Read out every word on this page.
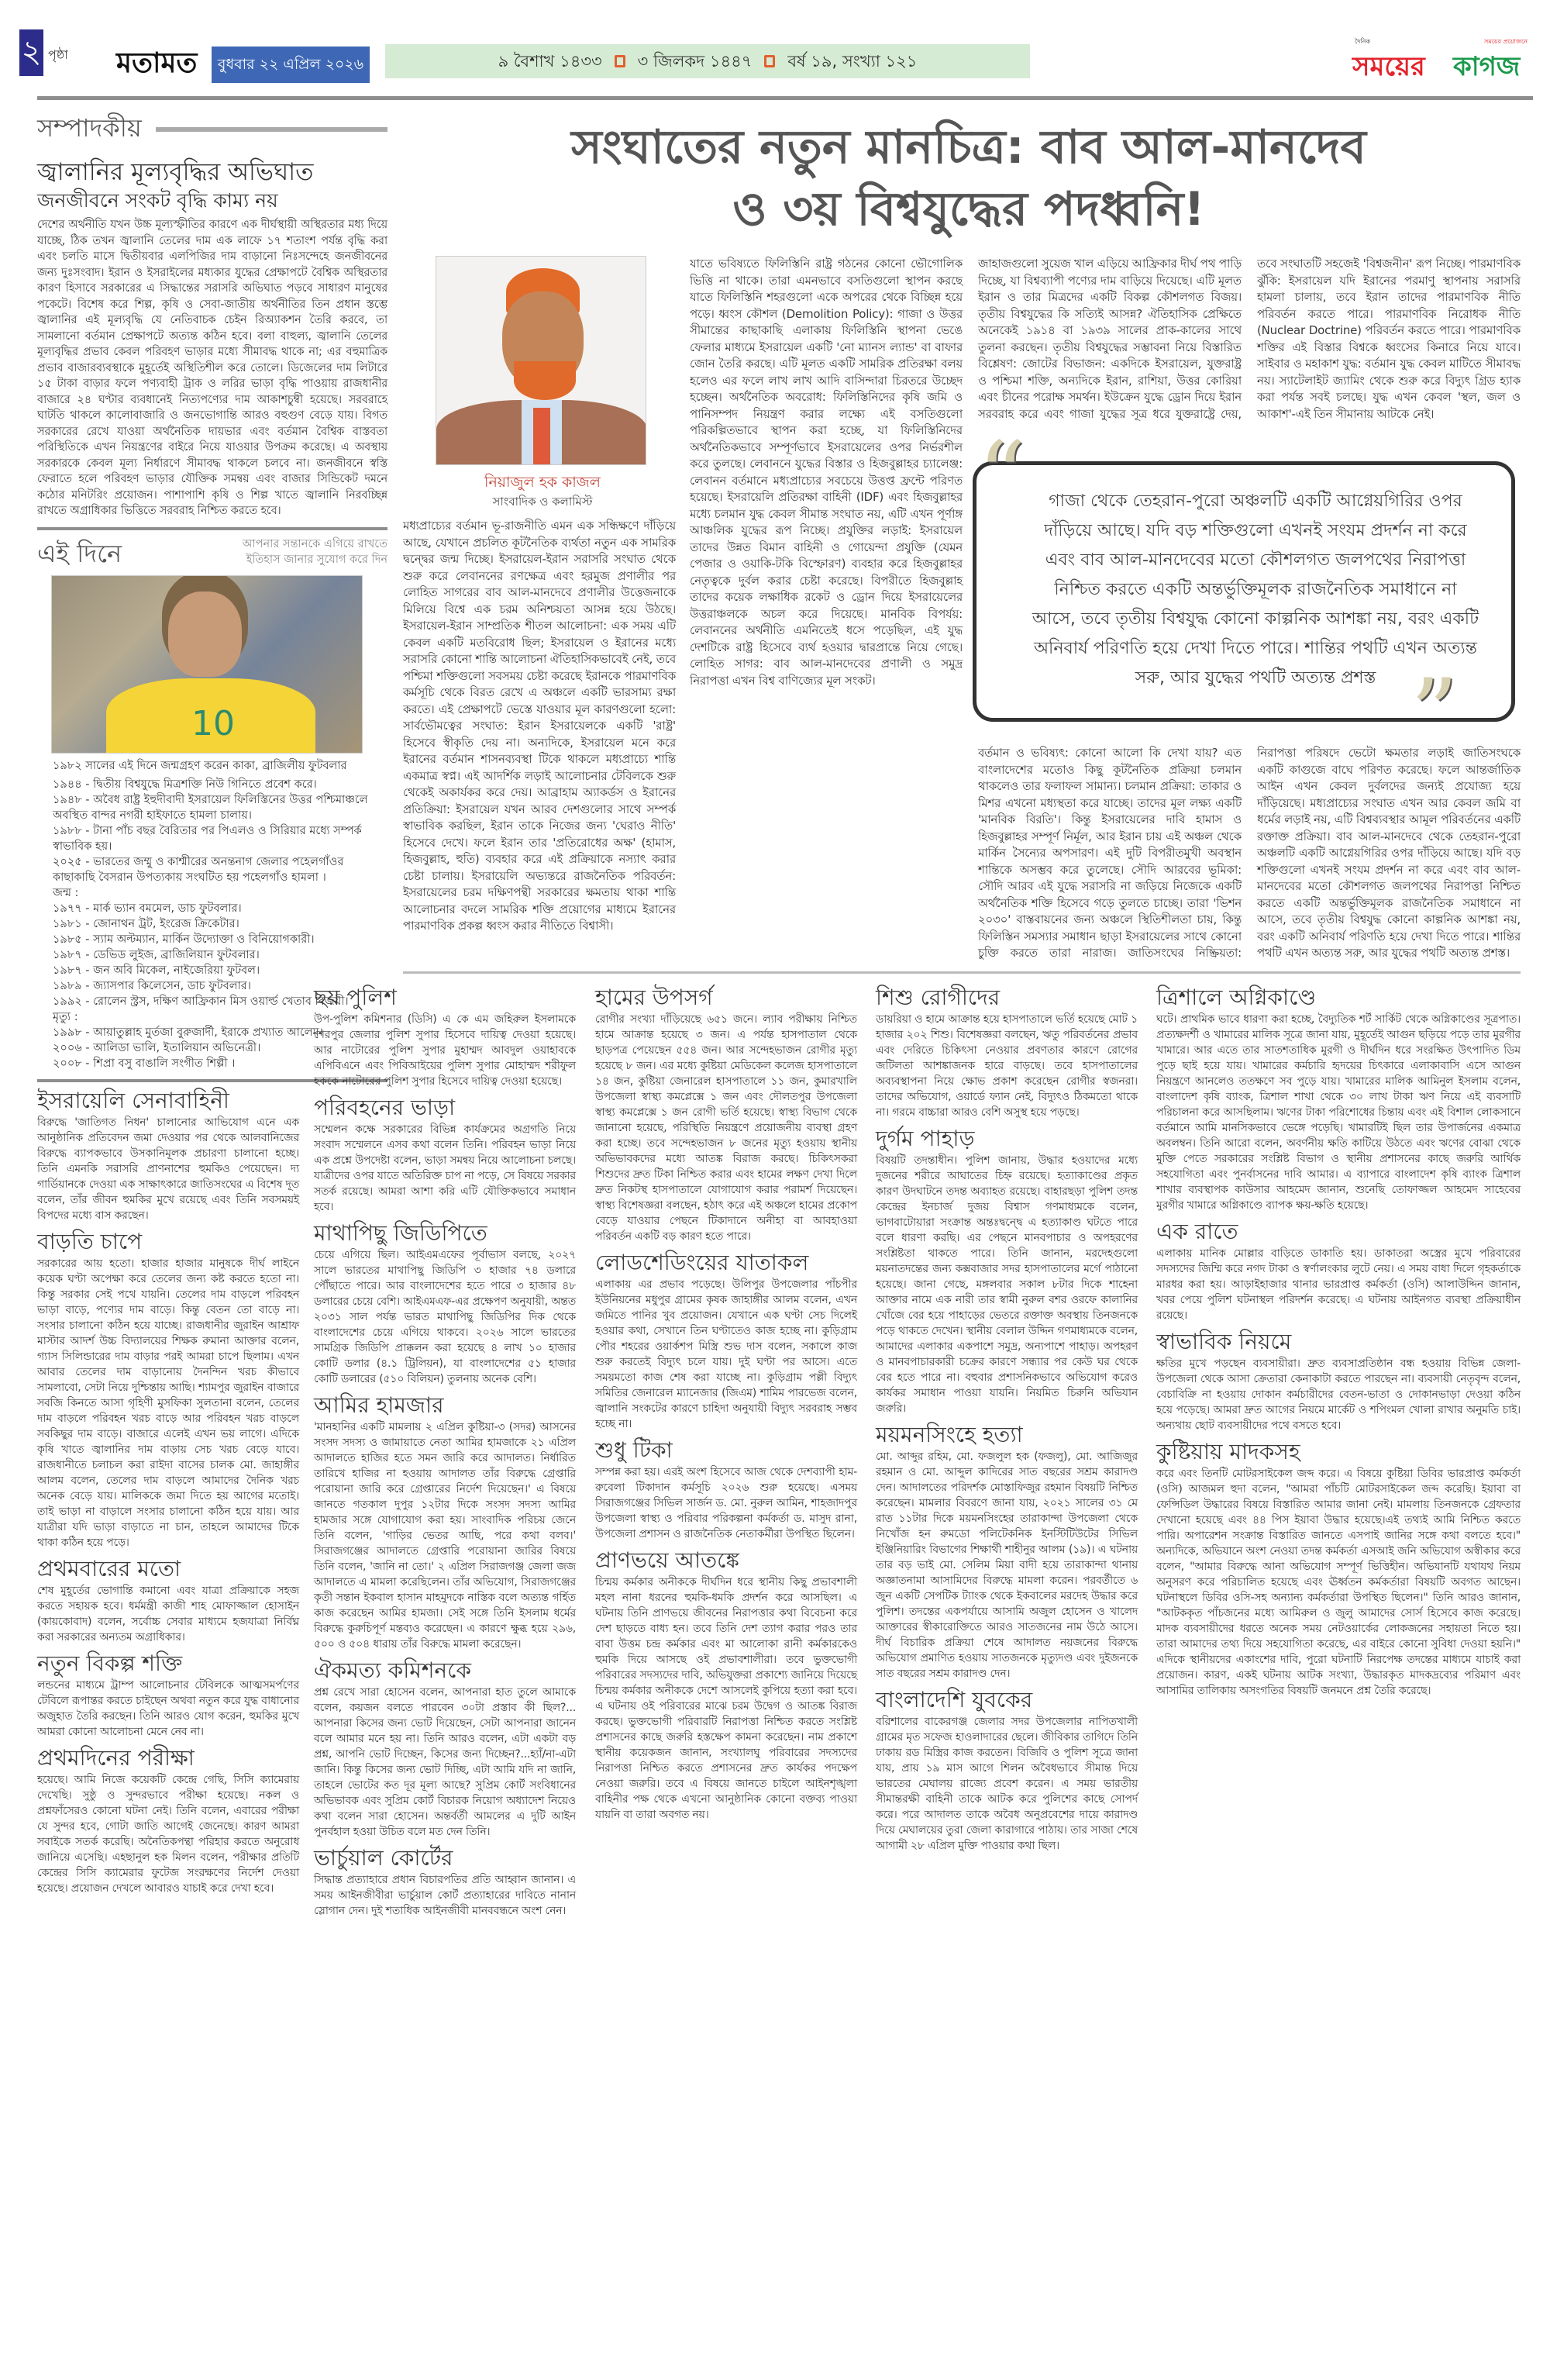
২ পৃষ্ঠা মতামত	বুধবার ২২ এপ্রিল ২০২৬	৯ বৈশাখ ১৪৩৩ ৩ জিলকদ ১৪৪৭ বর্ষ ১৯, সংখ্যা ১২১
দৈনিক	সময়ের প্রয়োজনে
সময়ের কাগজ
সম্পাদকীয়
জ্বালানির মূল্যবৃদ্ধির অভিঘাত
জনজীবনে সংকট বৃদ্ধি কাম্য নয়
দেশের অর্থনীতি যখন উচ্চ মূল্যস্ফীতির কারণে এক দীর্ঘস্থায়ী অস্থিরতার মধ্য দিয়ে যাচ্ছে, ঠিক তখন জ্বালানি তেলের দাম এক লাফে ১৭ শতাংশ পর্যন্ত বৃদ্ধি করা এবং চলতি মাসে দ্বিতীয়বার এলপিজির দাম বাড়ানো নিঃসন্দেহে জনজীবনের জন্য দুঃসংবাদ। ইরান ও ইসরাইলের মধ্যকার যুদ্ধের প্রেক্ষাপটে বৈশ্বিক অস্থিরতার কারণ হিসাবে সরকারের এ সিদ্ধান্তের সরাসরি অভিঘাত পড়বে সাধারণ মানুষের পকেটে। বিশেষ করে শিল্প, কৃষি ও সেবা-জাতীয় অর্থনীতির তিন প্রধান স্তম্ভে জ্বালানির এই মূল্যবৃদ্ধি যে নেতিবাচক চেইন রিঅ্যাকশন তৈরি করবে, তা সামলানো বর্তমান প্রেক্ষাপটে অত্যন্ত কঠিন হবে। বলা বাহুল্য, জ্বালানি তেলের মূল্যবৃদ্ধির প্রভাব কেবল পরিবহণ ভাড়ার মধ্যে সীমাবদ্ধ থাকে না; এর বহুমাত্রিক প্রভাব বাজারব্যবস্থাকে মুহূর্তেই অস্থিতিশীল করে তোলে। ডিজেলের দাম লিটারে ১৫ টাকা বাড়ার ফলে পণ্যবাহী ট্রাক ও লরির ভাড়া বৃদ্ধি পাওয়ায় রাজধানীর বাজারে ২৪ ঘণ্টার ব্যবধানেই নিত্যপণ্যের দাম আকাশচুম্বী হয়েছে। সরবরাহে ঘাটতি থাকলে কালোবাজারি ও জনভোগান্তি আরও বহুগুণ বেড়ে যায়। বিগত সরকারের রেখে যাওয়া অর্থনৈতিক দায়ভার এবং বর্তমান বৈশ্বিক বাস্তবতা পরিস্থিতিকে এখন নিয়ন্ত্রণের বাইরে নিয়ে যাওয়ার উপক্রম করেছে। এ অবস্থায় সরকারকে কেবল মূল্য নির্ধারণে সীমাবদ্ধ থাকলে চলবে না। জনজীবনে স্বস্তি ফেরাতে হলে পরিবহণ ভাড়ার যৌক্তিক সমন্বয় এবং বাজার সিন্ডিকেট দমনে কঠোর মনিটরিং প্রয়োজন। পাশাপাশি কৃষি ও শিল্প খাতে জ্বালানি নিরবচ্ছিন্ন রাখতে অগ্রাধিকার ভিত্তিতে সরবরাহ নিশ্চিত করতে হবে।
এই দিনে	আপনার সন্তানকে এগিয়ে রাখতে
ইতিহাস জানার সুযোগ করে দিন
10
১৯৮২ সালের এই দিনে জন্মগ্রহণ করেন কাকা, ব্রাজিলীয় ফুটবলার
১৯৪৪ - দ্বিতীয় বিশ্বযুদ্ধে মিত্রশক্তি নিউ গিনিতে প্রবেশ করে।
১৯৪৮ - অবৈধ রাষ্ট্র ইহুদীবাদী ইসরায়েল ফিলিস্তিনের উত্তর পশ্চিমাঞ্চলে অবস্থিত বান্দর নগরী হাইফাতে হামলা চালায়।
১৯৮৮ - টানা পাঁচ বছর বৈরিতার পর পিএলও ও সিরিয়ার মধ্যে সম্পর্ক স্বাভাবিক হয়।
২০২৫ - ভারতের জম্মু ও কাশ্মীরের অনন্তনাগ জেলার পহেলগাঁওর কাছাকাছি বৈসরান উপত্যকায় সংঘটিত হয় পহেলগাঁও হামলা ।
জন্ম :
১৯৭৭ - মার্ক ভ্যান বমমেল, ডাচ ফুটবলার।
১৯৮১ - জোনাথন ট্রট, ইংরেজ ক্রিকেটার।
১৯৮৫ - স্যাম অল্টম্যান, মার্কিন উদ্যোক্তা ও বিনিয়োগকারী।
১৯৮৭ - ডেভিড লুইজ, ব্রাজিলিয়ান ফুটবলার।
১৯৮৭ - জন অবি মিকেল, নাইজেরিয়া ফুটবল।
১৯৮৯ - জ্যাসপার কিলেসেন, ডাচ ফুটবলার।
১৯৯২ - রোলেন স্ট্রস, দক্ষিণ আফ্রিকান মিস ওয়ার্ল্ড খেতাব বিজয়ী।
মৃত্যু :
১৯৯৮ - আয়াতুল্লাহ মুর্তজা বুরুজার্দী, ইরাকে প্রখ্যাত আলেম।
২০০৬ - আলিডা ভালি, ইতালিয়ান অভিনেত্রী।
২০০৮ - শিপ্রা বসু বাঙালি সংগীত শিল্পী ।
ইসরায়েলি সেনাবাহিনী
বিরুদ্ধে 'জাতিগত নিধন' চালানোর আভিযোগ এনে এক আনুষ্ঠানিক প্রতিবেদন জমা দেওয়ার পর থেকে আলবানিজের বিরুদ্ধে ব্যাপকভাবে উসকানিমূলক প্রচারণা চালানো হচ্ছে। তিনি এমনকি সরাসরি প্রাণনাশের হুমকিও পেয়েছেন। দ্য গার্ডিয়ানকে দেওয়া এক সাক্ষাৎকারে জাতিসংঘের এ বিশেষ দূত বলেন, তাঁর জীবন হুমকির মুখে রয়েছে এবং তিনি সবসময়ই বিপদের মধ্যে বাস করছেন।
বাড়তি চাপে
সরকারের আয় হতো। হাজার হাজার মানুষকে দীর্ঘ লাইনে কয়েক ঘণ্টা অপেক্ষা করে তেলের জন্য কষ্ট করতে হতো না। কিন্তু সরকার সেই পথে যায়নি। তেলের দাম বাড়লে পরিবহন ভাড়া বাড়ে, পণ্যের দাম বাড়ে। কিন্তু বেতন তো বাড়ে না। সংসার চালানো কঠিন হয়ে যাচ্ছে। রাজধানীর জুরাইন আশ্রাফ মাস্টার আদর্শ উচ্চ বিদ্যালয়ের শিক্ষক রুমানা আক্তার বলেন, গ্যাস সিলিন্ডারের দাম বাড়ার পরই আমরা চাপে ছিলাম। এখন আবার তেলের দাম বাড়ানোয় দৈনন্দিন খরচ কীভাবে সামলাবো, সেটা নিয়ে দুশ্চিন্তায় আছি। শ্যামপুর জুরাইন বাজারে সবজি কিনতে আসা গৃহিণী মুসফিকা সুলতানা বলেন, তেলের দাম বাড়লে পরিবহন খরচ বাড়ে আর পরিবহন খরচ বাড়লে সবকিছুর দাম বাড়ে। বাজারে এলেই এখন ভয় লাগে। এদিকে কৃষি খাতে জ্বালানির দাম বাড়ায় সেচ খরচ বেড়ে যাবে। রাজধানীতে চলাচল করা রাইদা বাসের চালক মো. জাহাঙ্গীর আলম বলেন, তেলের দাম বাড়লে আমাদের দৈনিক খরচ অনেক বেড়ে যায়। মালিককে জমা দিতে হয় আগের মতোই। তাই ভাড়া না বাড়ালে সংসার চালানো কঠিন হয়ে যায়। আর যাত্রীরা যদি ভাড়া বাড়াতে না চান, তাহলে আমাদের টিকে থাকা কঠিন হয়ে পড়ে।
প্রথমবারের মতো
শেষ মুহূর্তের ভোগান্তি কমানো এবং যাত্রা প্রক্রিয়াকে সহজ করতে সহায়ক হবে। ধর্মমন্ত্রী কাজী শাহ মোফাজ্জাল হোসাইন (কায়কোবাদ) বলেন, সর্বোচ্চ সেবার মাধ্যমে হজযাত্রা নির্বিঘ্ন করা সরকারের অন্যতম অগ্রাধিকার।
নতুন বিকল্প শক্তি
লন্ডনের মাধ্যমে ট্রাম্প আলোচনার টেবিলকে আত্মসমর্পণের টেবিলে রূপান্তর করতে চাইছেন অথবা নতুন করে যুদ্ধ বাধানোর অজুহাত তৈরি করছেন। তিনি আরও যোগ করেন, হুমকির মুখে আমরা কোনো আলোচনা মেনে নেব না।
প্রথমদিনের পরীক্ষা
হয়েছে। আমি নিজে কয়েকটি কেন্দ্রে গেছি, সিসি ক্যামেরায় দেখেছি। সুষ্ঠু ও সুন্দরভাবে পরীক্ষা হয়েছে। নকল ও প্রশ্নফাঁসেরও কোনো ঘটনা নেই। তিনি বলেন, এবারের পরীক্ষা যে সুন্দর হবে, গোটা জাতি আগেই জেনেছে। কারণ আমরা সবাইকে সতর্ক করেছি। অনৈতিকপন্থা পরিহার করতে অনুরোধ জানিয়ে এসেছি। এহছানুল হক মিলন বলেন, পরীক্ষার প্রতিটি কেন্দ্রের সিসি ক্যামেরার ফুটেজ সংরক্ষণের নির্দেশ দেওয়া হয়েছে। প্রয়োজন দেখলে আবারও যাচাই করে দেখা হবে।
সংঘাতের নতুন মানচিত্র: বাব আল-মানদেব
ও ৩য় বিশ্বযুদ্ধের পদধ্বনি!
নিয়াজুল হক কাজল
সাংবাদিক ও কলামিস্ট
মধ্যপ্রাচ্যের বর্তমান ভূ-রাজনীতি এমন এক সন্ধিক্ষণে দাঁড়িয়ে আছে, যেখানে প্রচলিত কূটনৈতিক ব্যর্থতা নতুন এক সামরিক দ্বন্দ্বের জন্ম দিচ্ছে। ইসরায়েল-ইরান সরাসরি সংঘাত থেকে শুরু করে লেবাননের রণক্ষেত্র এবং হরমুজ প্রণালীর পর লোহিত সাগরের বাব আল-মানদেবে প্রণালীর উত্তেজনাকে মিলিয়ে বিশ্বে এক চরম অনিশ্চয়তা আসন্ন হয়ে উঠছে। ইসরায়েল-ইরান সাম্প্রতিক শীতল আলোচনা: এক সময় এটি কেবল একটি মতবিরোধ ছিল; ইসরায়েল ও ইরানের মধ্যে সরাসরি কোনো শান্তি আলোচনা ঐতিহাসিকভাবেই নেই, তবে পশ্চিমা শক্তিগুলো সবসময় চেষ্টা করেছে ইরানকে পারমাণবিক কর্মসূচি থেকে বিরত রেখে এ অঞ্চলে একটি ভারসাম্য রক্ষা করতে। এই প্রেক্ষাপটে ভেস্তে যাওয়ার মূল কারণগুলো হলো: সার্বভৌমত্বের সংঘাত: ইরান ইসরায়েলকে একটি 'রাষ্ট্র' হিসেবে স্বীকৃতি দেয় না। অন্যদিকে, ইসরায়েল মনে করে ইরানের বর্তমান শাসনব্যবস্থা টিকে থাকলে মধ্যপ্রাচ্যে শান্তি একমাত্র স্বপ্ন। এই আদর্শিক লড়াই আলোচনার টেবিলকে শুরু থেকেই অকার্যকর করে দেয়। আব্রাহাম অ্যাকর্ডস ও ইরানের প্রতিক্রিয়া: ইসরায়েল যখন আরব দেশগুলোর সাথে সম্পর্ক স্বাভাবিক করছিল, ইরান তাকে নিজের জন্য 'ঘেরাও নীতি' হিসেবে দেখে। ফলে ইরান তার 'প্রতিরোধের অক্ষ' (হামাস, হিজবুল্লাহ, হুতি) ব্যবহার করে এই প্রক্রিয়াকে নস্যাৎ করার চেষ্টা চালায়। ইসরায়েলি অভ্যন্তরে রাজনৈতিক পরিবর্তন: ইসরায়েলের চরম দক্ষিণপন্থী সরকারের ক্ষমতায় থাকা শান্তি আলোচনার বদলে সামরিক শক্তি প্রয়োগের মাধ্যমে ইরানের পারমাণবিক প্রকল্প ধ্বংস করার নীতিতে বিশ্বাসী।
যাতে ভবিষ্যতে ফিলিস্তিনি রাষ্ট্র গঠনের কোনো ভৌগোলিক ভিত্তি না থাকে। তারা এমনভাবে বসতিগুলো স্থাপন করছে যাতে ফিলিস্তিনি শহরগুলো একে অপরের থেকে বিচ্ছিন্ন হয়ে পড়ে। ধ্বংস কৌশল (Demolition Policy): গাজা ও উত্তর সীমান্তের কাছাকাছি এলাকায় ফিলিস্তিনি স্থাপনা ভেঙে ফেলার মাধ্যমে ইসরায়েল একটি 'নো ম্যানস ল্যান্ড' বা বাফার জোন তৈরি করছে। এটি মূলত একটি সামরিক প্রতিরক্ষা বলয় হলেও এর ফলে লাখ লাখ আদি বাসিন্দারা চিরতরে উচ্ছেদ হচ্ছেন। অর্থনৈতিক অবরোধ: ফিলিস্তিনিদের কৃষি জমি ও পানিসম্পদ নিয়ন্ত্রণ করার লক্ষ্যে এই বসতিগুলো পরিকল্পিতভাবে স্থাপন করা হচ্ছে, যা ফিলিস্তিনিদের অর্থনৈতিকভাবে সম্পূর্ণভাবে ইসরায়েলের ওপর নির্ভরশীল করে তুলছে। লেবাননে যুদ্ধের বিস্তার ও হিজবুল্লাহর চ্যালেঞ্জ: লেবানন বর্তমানে মধ্যপ্রাচ্যের সবচেয়ে উত্তপ্ত ফ্রন্টে পরিণত হয়েছে। ইসরায়েলি প্রতিরক্ষা বাহিনী (IDF) এবং হিজবুল্লাহর মধ্যে চলমান যুদ্ধ কেবল সীমান্ত সংঘাত নয়, এটি এখন পূর্ণাঙ্গ আঞ্চলিক যুদ্ধের রূপ নিচ্ছে। প্রযুক্তির লড়াই: ইসরায়েল তাদের উন্নত বিমান বাহিনী ও গোয়েন্দা প্রযুক্তি (যেমন পেজার ও ওয়াকি-টকি বিস্ফোরণ) ব্যবহার করে হিজবুল্লাহর নেতৃত্বকে দুর্বল করার চেষ্টা করেছে। বিপরীতে হিজবুল্লাহ তাদের কয়েক লক্ষাধিক রকেট ও ড্রোন দিয়ে ইসরায়েলের উত্তরাঞ্চলকে অচল করে দিয়েছে। মানবিক বিপর্যয়: লেবাননের অর্থনীতি এমনিতেই ধসে পড়েছিল, এই যুদ্ধ দেশটিকে রাষ্ট্র হিসেবে ব্যর্থ হওয়ার দ্বারপ্রান্তে নিয়ে গেছে। লোহিত সাগর: বাব আল-মানদেবের প্রণালী ও সমুদ্র নিরাপত্তা এখন বিশ্ব বাণিজ্যের মূল সংকট।
জাহাজগুলো সুয়েজ খাল এড়িয়ে আফ্রিকার দীর্ঘ পথ পাড়ি দিচ্ছে, যা বিশ্বব্যাপী পণ্যের দাম বাড়িয়ে দিয়েছে। এটি মূলত ইরান ও তার মিত্রদের একটি বিকল্প কৌশলগত বিজয়। তৃতীয় বিশ্বযুদ্ধের কি সত্যিই আসন্ন? ঐতিহাসিক প্রেক্ষিতে অনেকেই ১৯১৪ বা ১৯৩৯ সালের প্রাক-কালের সাথে তুলনা করছেন। তৃতীয় বিশ্বযুদ্ধের সম্ভাবনা নিয়ে বিস্তারিত বিশ্লেষণ: জোটের বিভাজন: একদিকে ইসরায়েল, যুক্তরাষ্ট্র ও পশ্চিমা শক্তি, অন্যদিকে ইরান, রাশিয়া, উত্তর কোরিয়া এবং চীনের পরোক্ষ সমর্থন। ইউক্রেন যুদ্ধে ড্রোন দিয়ে ইরান সরবরাহ করে এবং গাজা যুদ্ধের সূত্র ধরে যুক্তরাষ্ট্রে দেয়, তবে সংঘাতটি সহজেই 'বিশ্বজনীন' রূপ নিচ্ছে। পারমাণবিক ঝুঁকি: ইসরায়েল যদি ইরানের পরমাণু স্থাপনায় সরাসরি হামলা চালায়, তবে ইরান তাদের পারমাণবিক নীতি পরিবর্তন করতে পারে। পারমাণবিক নিরোধক নীতি (Nuclear Doctrine) পরিবর্তন করতে পারে। পারমাণবিক শক্তির এই বিস্তার বিশ্বকে ধ্বংসের কিনারে নিয়ে যাবে। সাইবার ও মহাকাশ যুদ্ধ: বর্তমান যুদ্ধ কেবল মাটিতে সীমাবদ্ধ নয়। স্যাটেলাইট জ্যামিং থেকে শুরু করে বিদ্যুৎ গ্রিড হ্যাক করা পর্যন্ত সবই চলছে। যুদ্ধ এখন কেবল 'স্থল, জল ও আকাশ'-এই তিন সীমানায় আটকে নেই।
গাজা থেকে তেহরান-পুরো অঞ্চলটি একটি আগ্নেয়গিরির ওপর দাঁড়িয়ে আছে। যদি বড় শক্তিগুলো এখনই সংযম প্রদর্শন না করে এবং বাব আল-মানদেবের মতো কৌশলগত জলপথের নিরাপত্তা নিশ্চিত করতে একটি অন্তর্ভুক্তিমূলক রাজনৈতিক সমাধানে না আসে, তবে তৃতীয় বিশ্বযুদ্ধ কোনো কাল্পনিক আশঙ্কা নয়, বরং একটি অনিবার্য পরিণতি হয়ে দেখা দিতে পারে। শান্তির পথটি এখন অত্যন্ত সরু, আর যুদ্ধের পথটি অত্যন্ত প্রশস্ত
“
”
বর্তমান ও ভবিষ্যৎ: কোনো আলো কি দেখা যায়? এত বাংলাদেশের মতোও কিছু কূটনৈতিক প্রক্রিয়া চলমান থাকলেও তার ফলাফল সামান্য। চলমান প্রক্রিয়া: তাকার ও মিশর এখনো মধ্যস্থতা করে যাচ্ছে। তাদের মূল লক্ষ্য একটি 'মানবিক বিরতি'। কিন্তু ইসরায়েলের দাবি হামাস ও হিজবুল্লাহর সম্পূর্ণ নির্মূল, আর ইরান চায় এই অঞ্চল থেকে মার্কিন সৈন্যের অপসারণ। এই দুটি বিপরীতমুখী অবস্থান শান্তিকে অসম্ভব করে তুলেছে। সৌদি আরবের ভূমিকা: সৌদি আরব এই যুদ্ধে সরাসরি না জড়িয়ে নিজেকে একটি অর্থনৈতিক শক্তি হিসেবে গড়ে তুলতে চাচ্ছে। তারা 'ভিশন ২০৩০' বাস্তবায়নের জন্য অঞ্চলে স্থিতিশীলতা চায়, কিন্তু ফিলিস্তিন সমস্যার সমাধান ছাড়া ইসরায়েলের সাথে কোনো চুক্তি করতে তারা নারাজ। জাতিসংঘের নিষ্ক্রিয়তা: নিরাপত্তা পরিষদে ভেটো ক্ষমতার লড়াই জাতিসংঘকে একটি কাগুজে বাঘে পরিণত করেছে। ফলে আন্তর্জাতিক আইন এখন কেবল দুর্বলদের জন্যই প্রযোজ্য হয়ে দাঁড়িয়েছে। মধ্যপ্রাচ্যের সংঘাত এখন আর কেবল জমি বা ধর্মের লড়াই নয়, এটি বিশ্বব্যবস্থার আমূল পরিবর্তনের একটি রক্তাক্ত প্রক্রিয়া। বাব আল-মানদেবে থেকে তেহরান-পুরো অঞ্চলটি একটি আগ্নেয়গিরির ওপর দাঁড়িয়ে আছে। যদি বড় শক্তিগুলো এখনই সংযম প্রদর্শন না করে এবং বাব আল-মানদেবের মতো কৌশলগত জলপথের নিরাপত্তা নিশ্চিত করতে একটি অন্তর্ভুক্তিমূলক রাজনৈতিক সমাধানে না আসে, তবে তৃতীয় বিশ্বযুদ্ধ কোনো কাল্পনিক আশঙ্কা নয়, বরং একটি অনিবার্য পরিণতি হয়ে দেখা দিতে পারে। শান্তির পথটি এখন অত্যন্ত সরু, আর যুদ্ধের পথটি অত্যন্ত প্রশস্ত।
ছয় পুলিশ
উপ-পুলিশ কমিশনার (ডিসি) এ কে এম জহিরুল ইসলামকে শেরপুর জেলার পুলিশ সুপার হিসেবে দায়িত্ব দেওয়া হয়েছে। আর নাটোরের পুলিশ সুপার মুহাম্মদ আবদুল ওয়াহাবকে এপিবিএনে এবং পিবিআইয়ের পুলিশ সুপার মোহাম্মদ শরীফুল হককে নাটোরের পুলিশ সুপার হিসেবে দায়িত্ব দেওয়া হয়েছে।
পরিবহনের ভাড়া
সম্মেলন কক্ষে সরকারের বিভিন্ন কার্যক্রমের অগ্রগতি নিয়ে সংবাদ সম্মেলনে এসব কথা বলেন তিনি। পরিবহন ভাড়া নিয়ে এক প্রশ্নে উপদেষ্টা বলেন, ভাড়া সমন্বয় নিয়ে আলোচনা চলছে। যাত্রীদের ওপর যাতে অতিরিক্ত চাপ না পড়ে, সে বিষয়ে সরকার সতর্ক রয়েছে। আমরা আশা করি এটি যৌক্তিকভাবে সমাধান হবে।
মাথাপিছু জিডিপিতে
চেয়ে এগিয়ে ছিল। আইএমএফের পূর্বাভাস বলছে, ২০২৭ সালে ভারতের মাথাপিছু জিডিপি ৩ হাজার ৭৪ ডলারে পৌঁছাতে পারে। আর বাংলাদেশের হতে পারে ৩ হাজার ৪৮ ডলারের চেয়ে বেশি। আইএমএফ-এর প্রক্ষেপণ অনুযায়ী, অন্তত ২০৩১ সাল পর্যন্ত ভারত মাথাপিছু জিডিপির দিক থেকে বাংলাদেশের চেয়ে এগিয়ে থাকবে। ২০২৬ সালে ভারতের সামগ্রিক জিডিপি প্রাক্কলন করা হয়েছে ৪ লাখ ১০ হাজার কোটি ডলার (৪.১ ট্রিলিয়ন), যা বাংলাদেশের ৫১ হাজার কোটি ডলারের (৫১০ বিলিয়ন) তুলনায় অনেক বেশি।
আমির হামজার
'মানহানির একটি মামলায় ২ এপ্রিল কুষ্টিয়া-৩ (সদর) আসনের সংসদ সদস্য ও জামায়াতে নেতা আমির হামজাকে ২১ এপ্রিল আদালতে হাজির হতে সমন জারি করে আদালত। নির্ধারিত তারিখে হাজির না হওয়ায় আদালত তাঁর বিরুদ্ধে গ্রেপ্তারি পরোয়ানা জারি করে গ্রেপ্তারের নির্দেশ দিয়েছেন।' এ বিষয়ে জানতে গতকাল দুপুর ১২টার দিকে সংসদ সদস্য আমির হামজার সঙ্গে যোগাযোগ করা হয়। সাংবাদিক পরিচয় জেনে তিনি বলেন, 'গাড়ির ভেতর আছি, পরে কথা বলব।' সিরাজগঞ্জের আদালতে গ্রেপ্তারি পরোয়ানা জারির বিষয়ে তিনি বলেন, 'জানি না তো।' ২ এপ্রিল সিরাজগঞ্জ জেলা জজ আদালতে এ মামলা করেছিলেন। তাঁর অভিযোগ, সিরাজগঞ্জের কৃতী সন্তান ইকবাল হাসান মাহমুদকে নাস্তিক বলে অত্যন্ত গর্হিত কাজ করেছেন আমির হামজা। সেই সঙ্গে তিনি ইসলাম ধর্মের বিরুদ্ধে কুরুচিপূর্ণ মন্তব্যও করেছেন। এ কারণে ক্ষুব্ধ হয়ে ২৯৬, ৫০০ ও ৫০৪ ধারায় তাঁর বিরুদ্ধে মামলা করেছেন।
ঐকমত্য কমিশনকে
প্রশ্ন রেখে সারা হোসেন বলেন, আপনারা হাত তুলে আমাকে বলেন, কয়জন বলতে পারবেন ৩০টা প্রস্তাব কী ছিল?... আপনারা কিসের জন্য ভোট দিয়েছেন, সেটা আপনারা জানেন বলে আমার মনে হয় না। তিনি আরও বলেন, এটা একটা বড় প্রশ্ন, আপনি ভোট দিচ্ছেন, কিসের জন্য দিচ্ছেন?...হ্যাঁ/না-এটা জানি। কিন্তু কিসের জন্য ভোট দিচ্ছি, এটা আমি যদি না জানি, তাহলে ভোটের কত দূর মূল্য আছে? সুপ্রিম কোর্ট সংবিধানের অভিভাবক এবং সুপ্রিম কোর্ট বিচারক নিয়োগ অধ্যাদেশ নিয়েও কথা বলেন সারা হোসেন। অন্তর্বর্তী আমলের এ দুটি আইন পুনর্বহাল হওয়া উচিত বলে মত দেন তিনি।
ভার্চুয়াল কোর্টের
সিদ্ধান্ত প্রত্যাহারে প্রধান বিচারপতির প্রতি আহ্বান জানান। এ সময় আইনজীবীরা ভার্চুয়াল কোর্ট প্রত্যাহারের দাবিতে নানান স্লোগান দেন। দুই শতাধিক আইনজীবী মানববন্ধনে অংশ নেন।
হামের উপসর্গ
রোগীর সংখ্যা দাঁড়িয়েছে ৬৫১ জনে। ল্যাব পরীক্ষায় নিশ্চিত হামে আক্রান্ত হয়েছে ৩ জন। এ পর্যন্ত হাসপাতাল থেকে ছাড়পত্র পেয়েছেন ৫৫৪ জন। আর সন্দেহভাজন রোগীর মৃত্যু হয়েছে ৮ জন। এর মধ্যে কুষ্টিয়া মেডিকেল কলেজ হাসপাতালে ১৪ জন, কুষ্টিয়া জেনারেল হাসপাতালে ১১ জন, কুমারখালি উপজেলা স্বাস্থ্য কমপ্লেক্সে ১ জন এবং দৌলতপুর উপজেলা স্বাস্থ্য কমপ্লেক্সে ১ জন রোগী ভর্তি হয়েছে। স্বাস্থ্য বিভাগ থেকে জানানো হয়েছে, পরিস্থিতি নিয়ন্ত্রণে প্রয়োজনীয় ব্যবস্থা গ্রহণ করা হচ্ছে। তবে সন্দেহভাজন ৮ জনের মৃত্যু হওয়ায় স্থানীয় অভিভাবকদের মধ্যে আতঙ্ক বিরাজ করছে। চিকিৎসকরা শিশুদের দ্রুত টিকা নিশ্চিত করার এবং হামের লক্ষণ দেখা দিলে দ্রুত নিকটস্থ হাসপাতালে যোগাযোগ করার পরামর্শ দিয়েছেন। স্বাস্থ্য বিশেষজ্ঞরা বলছেন, হঠাৎ করে এই অঞ্চলে হামের প্রকোপ বেড়ে যাওয়ার পেছনে টিকাদানে অনীহা বা আবহাওয়া পরিবর্তন একটি বড় কারণ হতে পারে।
লোডশেডিংয়ের যাতাকল
এলাকায় এর প্রভাব পড়েছে। উলিপুর উপজেলার পাঁচপীর ইউনিয়নের মধুপুর গ্রামের কৃষক জাহাঙ্গীর আলম বলেন, এখন জমিতে পানির খুব প্রয়োজন। যেখানে এক ঘণ্টা সেচ দিলেই হওয়ার কথা, সেখানে তিন ঘণ্টাতেও কাজ হচ্ছে না। কুড়িগ্রাম পৌর শহরের ওয়ার্কশপ মিস্ত্রি শুভ দাস বলেন, সকালে কাজ শুরু করতেই বিদ্যুৎ চলে যায়। দুই ঘণ্টা পর আসে। এতে সময়মতো কাজ শেষ করা যাচ্ছে না। কুড়িগ্রাম পল্লী বিদ্যুৎ সমিতির জেনারেল ম্যানেজার (জিএম) শামিম পারভেজ বলেন, জ্বালানি সংকটের কারণে চাহিদা অনুযায়ী বিদ্যুৎ সরবরাহ সম্ভব হচ্ছে না।
শুধু টিকা
সম্পন্ন করা হয়। এরই অংশ হিসেবে আজ থেকে দেশব্যাপী হাম-রুবেলা টিকাদান কর্মসূচি ২০২৬ শুরু হয়েছে। এসময় সিরাজগঞ্জের সিভিল সার্জন ড. মো. নুরুল আমিন, শাহজাদপুর উপজেলা স্বাস্থ্য ও পরিবার পরিকল্পনা কর্মকর্তা ড. মাসুদ রানা, উপজেলা প্রশাসন ও রাজনৈতিক নেতাকর্মীরা উপস্থিত ছিলেন।
প্রাণভয়ে আতঙ্কে
চিন্ময় কর্মকার অনীককে দীর্ঘদিন ধরে স্থানীয় কিছু প্রভাবশালী মহল নানা ধরনের হুমকি-ধমকি প্রদর্শন করে আসছিল। এ ঘটনায় তিনি প্রাণভয়ে জীবনের নিরাপত্তার কথা বিবেচনা করে দেশ ছাড়তে বাধ্য হন। তবে তিনি দেশ ত্যাগ করার পরও তার বাবা উত্তম চন্দ্র কর্মকার এবং মা আলোকা রানী কর্মকারকেও হুমকি দিয়ে আসছে ওই প্রভাবশালীরা। তবে ভুক্তভোগী পরিবারের সদস্যদের দাবি, অভিযুক্তরা প্রকাশ্যে জানিয়ে দিয়েছে চিন্ময় কর্মকার অনীককে দেশে আসলেই কুপিয়ে হত্যা করা হবে। এ ঘটনায় ওই পরিবারের মাঝে চরম উদ্বেগ ও আতঙ্ক বিরাজ করছে। ভুক্তভোগী পরিবারটি নিরাপত্তা নিশ্চিত করতে সংশ্লিষ্ট প্রশাসনের কাছে জরুরি হস্তক্ষেপ কামনা করেছেন। নাম প্রকাশে স্থানীয় কয়েকজন জানান, সংখ্যালঘু পরিবারের সদস্যদের নিরাপত্তা নিশ্চিত করতে প্রশাসনের দ্রুত কার্যকর পদক্ষেপ নেওয়া জরুরি। তবে এ বিষয়ে জানতে চাইলে আইনশৃঙ্খলা বাহিনীর পক্ষ থেকে এখনো আনুষ্ঠানিক কোনো বক্তব্য পাওয়া যায়নি বা তারা অবগত নয়।
শিশু রোগীদের
ডায়রিয়া ও হামে আক্রান্ত হয়ে হাসপাতালে ভর্তি হয়েছে মোট ১ হাজার ২০২ শিশু। বিশেষজ্ঞরা বলছেন, ঋতু পরিবর্তনের প্রভাব এবং দেরিতে চিকিৎসা নেওয়ার প্রবণতার কারণে রোগের জটিলতা আশঙ্কাজনক হারে বাড়ছে। তবে হাসপাতালের অব্যবস্থাপনা নিয়ে ক্ষোভ প্রকাশ করেছেন রোগীর স্বজনরা। তাদের অভিযোগ, ওয়ার্ডে ফ্যান নেই, বিদ্যুৎও ঠিকমতো থাকে না। গরমে বাচ্চারা আরও বেশি অসুস্থ হয়ে পড়ছে।
দুর্গম পাহাড়
বিষয়টি তদন্তাধীন। পুলিশ জানায়, উদ্ধার হওয়াদের মধ্যে দুজনের শরীরে আঘাতের চিহ্ন রয়েছে। হত্যাকাণ্ডের প্রকৃত কারণ উদঘাটনে তদন্ত অব্যাহত রয়েছে। বাহারছড়া পুলিশ তদন্ত কেন্দ্রের ইনচার্জ দুজয় বিশ্বাস গণমাধ্যমকে বলেন, ভাগবাটোয়ারা সংক্রান্ত অন্তঃদ্বন্দ্বে এ হত্যাকাণ্ড ঘটতে পারে বলে ধারণা করছি। এর পেছনে মানবপাচার ও অপহরণের সংশ্লিষ্টতা থাকতে পারে। তিনি জানান, মরদেহগুলো ময়নাতদন্তের জন্য কক্সবাজার সদর হাসপাতালের মর্গে পাঠানো হয়েছে। জানা গেছে, মঙ্গলবার সকাল ৮টার দিকে শাহেনা আক্তার নামে এক নারী তার স্বামী নুরুল বশর ওরফে কালানির খোঁজে বের হয়ে পাহাড়ের ভেতরে রক্তাক্ত অবস্থায় তিনজনকে পড়ে থাকতে দেখেন। স্থানীয় বেলাল উদ্দিন গণমাধ্যমকে বলেন, আমাদের এলাকার একপাশে সমুদ্র, অন্যপাশে পাহাড়। অপহরণ ও মানবপাচারকারী চক্রের কারণে সন্ধ্যার পর কেউ ঘর থেকে বের হতে পারে না। বহুবার প্রশাসনিকভাবে অভিযোগ করেও কার্যকর সমাধান পাওয়া যায়নি। নিয়মিত চিরুনি অভিযান জরুরি।
ময়মনসিংহে হত্যা
মো. আব্দুর রহিম, মো. ফজলুল হক (ফজলু), মো. আজিজুর রহমান ও মো. আব্দুল কাদিরের সাত বছরের সশ্রম কারাদণ্ড দেন। আদালতের পরিদর্শক মোস্তাফিজুর রহমান বিষয়টি নিশ্চিত করেছেন। মামলার বিবরণে জানা যায়, ২০২১ সালের ৩১ মে রাত ১১টার দিকে ময়মনসিংহের তারাকান্দা উপজেলা থেকে নিখোঁজ হন রুমডো পলিটেকনিক ইনস্টিটিউটের সিভিল ইঞ্জিনিয়ারিং বিভাগের শিক্ষার্থী শাহীনুর আলম (১৯)। এ ঘটনায় তার বড় ভাই মো. সেলিম মিয়া বাদী হয়ে তারাকান্দা থানায় অজ্ঞাতনামা আসামিদের বিরুদ্ধে মামলা করেন। পরবর্তীতে ৬ জুন একটি সেপটিক ট্যাংক থেকে ইকবালের মরদেহ উদ্ধার করে পুলিশ। তদন্তের একপর্যায়ে আসামি অজুল হোসেন ও খালেদ আক্তারের স্বীকারোক্তিতে আরও সাতজনের নাম উঠে আসে। দীর্ঘ বিচারিক প্রক্রিয়া শেষে আদালত নয়জনের বিরুদ্ধে অভিযোগ প্রমাণিত হওয়ায় সাতজনকে মৃত্যুদণ্ড এবং দুইজনকে সাত বছরের সশ্রম কারাদণ্ড দেন।
বাংলাদেশি যুবকের
বরিশালের বাকেরগঞ্জ জেলার সদর উপজেলার নাপিতখালী গ্রামের মৃত সফেজ হাওলাদারের ছেলে। জীবিকার তাগিদে তিনি ঢাকায় রড মিস্ত্রির কাজ করতেন। বিজিবি ও পুলিশ সূত্রে জানা যায়, প্রায় ১৯ মাস আগে শিলন অবৈধভাবে সীমান্ত দিয়ে ভারতের মেঘালয় রাজ্যে প্রবেশ করেন। এ সময় ভারতীয় সীমান্তরক্ষী বাহিনী তাকে আটক করে পুলিশের কাছে সোপর্দ করে। পরে আদালত তাকে অবৈধ অনুপ্রবেশের দায়ে কারাদণ্ড দিয়ে মেঘালয়ের তুরা জেলা কারাগারে পাঠায়। তার সাজা শেষে আগামী ২৮ এপ্রিল মুক্তি পাওয়ার কথা ছিল।
ত্রিশালে অগ্নিকাণ্ডে
ঘটে। প্রাথমিক ভাবে ধারণা করা হচ্ছে, বৈদ্যুতিক শর্ট সার্কিট থেকে অগ্নিকাণ্ডের সূত্রপাত। প্রত্যক্ষদর্শী ও খামারের মালিক সূত্রে জানা যায়, মুহূর্তেই আগুন ছড়িয়ে পড়ে তার মুরগীর খামারে। আর এতে তার সাতশতাধিক মুরগী ও দীর্ঘদিন ধরে সংরক্ষিত উৎপাদিত ডিম পুড়ে ছাই হয়ে যায়। খামারের কর্মচারি হৃদয়ের চিৎকারে এলাকাবাসি এসে আগুন নিয়ন্ত্রণে আনলেও ততক্ষণে সব পুড়ে যায়। খামারের মালিক আমিনুল ইসলাম বলেন, বাংলাদেশ কৃষি ব্যাংক, ত্রিশাল শাখা থেকে ৩০ লাখ টাকা ঋণ নিয়ে এই ব্যবসাটি পরিচালনা করে আসছিলাম। ঋণের টাকা পরিশোধের চিন্তায় এবং এই বিশাল লোকসানে বর্তমানে আমি মানসিকভাবে ভেঙ্গে পড়েছি। খামারটিই ছিল তার উপার্জনের একমাত্র অবলম্বন। তিনি আরো বলেন, অবর্ণনীয় ক্ষতি কাটিয়ে উঠতে এবং ঋণের বোঝা থেকে মুক্তি পেতে সরকারের সংশ্লিষ্ট বিভাগ ও স্থানীয় প্রশাসনের কাছে জরুরি আর্থিক সহযোগিতা এবং পুনর্বাসনের দাবি আমার। এ ব্যাপারে বাংলাদেশ কৃষি ব্যাংক ত্রিশাল শাখার ব্যবস্থাপক কাউসার আহমেদ জানান, শুনেছি তোফাজ্জল আহমেদ সাহেবের মুরগীর খামারে অগ্নিকাণ্ডে ব্যাপক ক্ষয়-ক্ষতি হয়েছে।
এক রাতে
এলাকায় মানিক মোল্লার বাড়িতে ডাকাতি হয়। ডাকাতরা অস্ত্রের মুখে পরিবারের সদস্যদের জিম্মি করে নগদ টাকা ও স্বর্ণালংকার লুটে নেয়। এ সময় বাধা দিলে গৃহকর্তাকে মারধর করা হয়। আড়াইহাজার থানার ভারপ্রাপ্ত কর্মকর্তা (ওসি) আলাউদ্দিন জানান, খবর পেয়ে পুলিশ ঘটনাস্থল পরিদর্শন করেছে। এ ঘটনায় আইনগত ব্যবস্থা প্রক্রিয়াধীন রয়েছে।
স্বাভাবিক নিয়মে
ক্ষতির মুখে পড়ছেন ব্যবসায়ীরা। দ্রুত ব্যবসাপ্রতিষ্ঠান বন্ধ হওয়ায় বিভিন্ন জেলা-উপজেলা থেকে আসা ক্রেতারা কেনাকাটা করতে পারছেন না। ব্যবসায়ী নেতৃবৃন্দ বলেন, বেচাবিক্রি না হওয়ায় দোকান কর্মচারীদের বেতন-ভাতা ও দোকানভাড়া দেওয়া কঠিন হয়ে পড়েছে। আমরা দ্রুত আগের নিয়মে মার্কেট ও শপিংমল খোলা রাখার অনুমতি চাই। অন্যথায় ছোট ব্যবসায়ীদের পথে বসতে হবে।
কুষ্টিয়ায় মাদকসহ
করে এবং তিনটি মোটরসাইকেল জব্দ করে। এ বিষয়ে কুষ্টিয়া ডিবির ভারপ্রাপ্ত কর্মকর্তা (ওসি) আজমল হুদা বলেন, "আমরা পাঁচটি মোটরসাইকেল জব্দ করেছি। ইয়াবা বা ফেন্সিডিল উদ্ধারের বিষয়ে বিস্তারিত আমার জানা নেই। মামলায় তিনজনকে গ্রেফতার দেখানো হয়েছে এবং ৪৪ পিস ইয়াবা উদ্ধার হয়েছে।এই তথ্যই আমি নিশ্চিত করতে পারি। অপারেশন সংক্রান্ত বিস্তারিত জানতে এসপাই জানির সঙ্গে কথা বলতে হবে।" অন্যদিকে, অভিযানে অংশ নেওয়া তদন্ত কর্মকর্তা এসআই জনি অভিযোগ অস্বীকার করে বলেন, "আমার বিরুদ্ধে আনা অভিযোগ সম্পূর্ণ ভিত্তিহীন। অভিযানটি যথাযথ নিয়ম অনুসরণ করে পরিচালিত হয়েছে এবং ঊর্ধ্বতন কর্মকর্তারা বিষয়টি অবগত আছেন। ঘটনাস্থলে ডিবির ওসি-সহ অন্যান্য কর্মকর্তারা উপস্থিত ছিলেন।" তিনি আরও জানান, "আটককৃত পাঁচজনের মধ্যে আমিরুল ও জুলু আমাদের সোর্স হিসেবে কাজ করেছে। মাদক ব্যবসায়ীদের ধরতে অনেক সময় নেটওয়ার্কের লোকজনের সহায়তা নিতে হয়। তারা আমাদের তথ্য দিয়ে সহযোগিতা করেছে, এর বাইরে কোনো সুবিধা দেওয়া হয়নি।" এদিকে স্থানীয়দের একাংশের দাবি, পুরো ঘটনাটি নিরপেক্ষ তদন্তের মাধ্যমে যাচাই করা প্রয়োজন। কারণ, একই ঘটনায় আটক সংখ্যা, উদ্ধারকৃত মাদকদ্রব্যের পরিমাণ এবং আসামির তালিকায় অসংগতির বিষয়টি জনমনে প্রশ্ন তৈরি করেছে।
